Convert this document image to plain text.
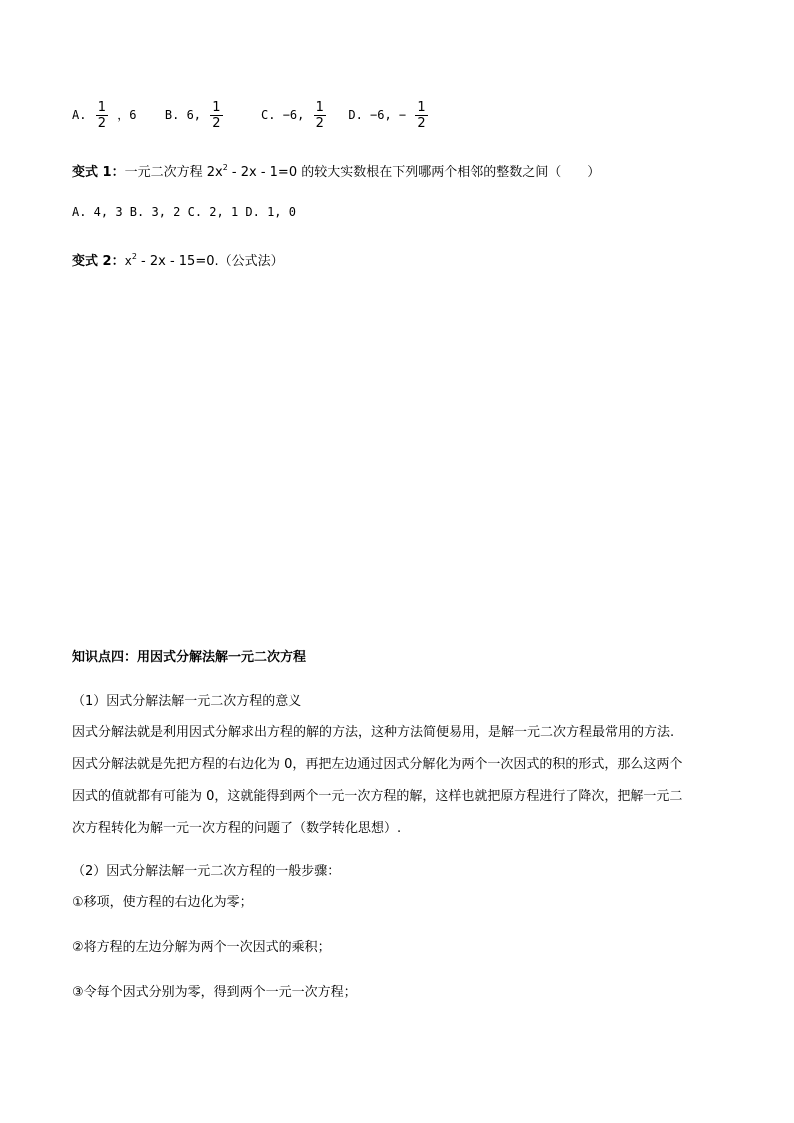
A. $\frac{1}{2}$ ，6 B. 6, $\frac{1}{2}$	C. −6, $\frac{1}{2} D$. −6, − $\frac{1}{2}$
变式 1：一元二次方程 $2x^2$ ‑ 2x ‑ 1=0 的较大实数根在下列哪两个相邻的整数之间（　　）
A. 4, 3 B. 3, 2 C. 2, 1 D. 1, 0
变式 2：$x^2$ ‑ 2x ‑ 15=0.（公式法）
知识点四：用因式分解法解一元二次方程
（1）因式分解法解一元二次方程的意义
因式分解法就是利用因式分解求出方程的解的方法，这种方法简便易用，是解一元二次方程最常用的方法.
因式分解法就是先把方程的右边化为 0，再把左边通过因式分解化为两个一次因式的积的形式，那么这两个
因式的值就都有可能为 0，这就能得到两个一元一次方程的解，这样也就把原方程进行了降次，把解一元二
次方程转化为解一元一次方程的问题了（数学转化思想）.
（2）因式分解法解一元二次方程的一般步骤：
①移项，使方程的右边化为零；
②将方程的左边分解为两个一次因式的乘积；
③令每个因式分别为零，得到两个一元一次方程；
